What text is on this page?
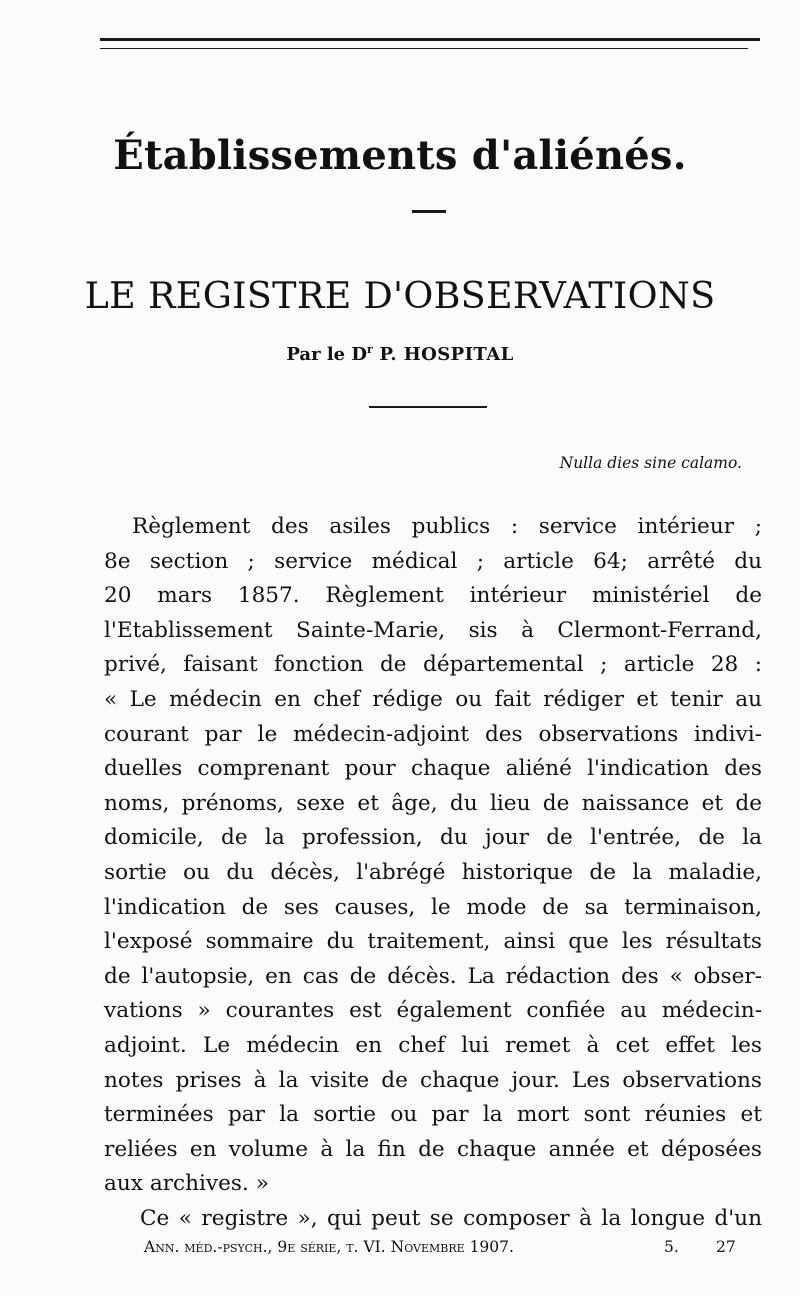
Établissements d'aliénés.
LE REGISTRE D'OBSERVATIONS
Par le $D^r$ P. HOSPITAL
Nulla dies sine calamo.
Règlement des asiles publics : service intérieur ;
8e section ; service médical ; article 64; arrêté du
20 mars 1857. Règlement intérieur ministériel de
l'Etablissement Sainte-Marie, sis à Clermont-Ferrand,
privé, faisant fonction de départemental ; article 28 :
« Le médecin en chef rédige ou fait rédiger et tenir au
courant par le médecin-adjoint des observations indivi-
duelles comprenant pour chaque aliéné l'indication des
noms, prénoms, sexe et âge, du lieu de naissance et de
domicile, de la profession, du jour de l'entrée, de la
sortie ou du décès, l'abrégé historique de la maladie,
l'indication de ses causes, le mode de sa terminaison,
l'exposé sommaire du traitement, ainsi que les résultats
de l'autopsie, en cas de décès. La rédaction des « obser-
vations » courantes est également confiée au médecin-
adjoint. Le médecin en chef lui remet à cet effet les
notes prises à la visite de chaque jour. Les observations
terminées par la sortie ou par la mort sont réunies et
reliées en volume à la fin de chaque année et déposées
aux archives. »
Ce « registre », qui peut se composer à la longue d'un
Ann. méd.-psych., 9e série, t. VI. Novembre 1907.	5. 27
